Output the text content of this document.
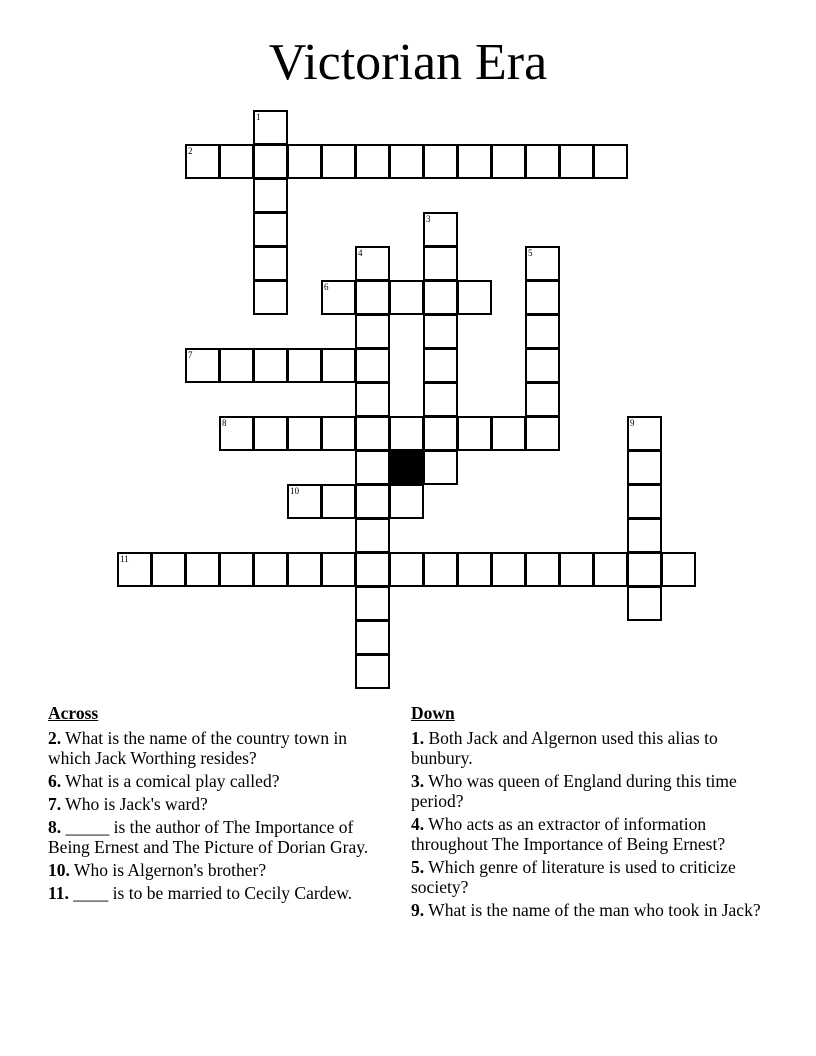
Victorian Era
1
2
3
4	5
6
7
8	9
10
11
Across
2. What is the name of the country town in which Jack Worthing resides?
6. What is a comical play called?
7. Who is Jack's ward?
8. _____ is the author of The Importance of Being Ernest and The Picture of Dorian Gray.
10. Who is Algernon's brother?
11. ____ is to be married to Cecily Cardew.
Down
1. Both Jack and Algernon used this alias to bunbury.
3. Who was queen of England during this time period?
4. Who acts as an extractor of information throughout The Importance of Being Ernest?
5. Which genre of literature is used to criticize society?
9. What is the name of the man who took in Jack?
